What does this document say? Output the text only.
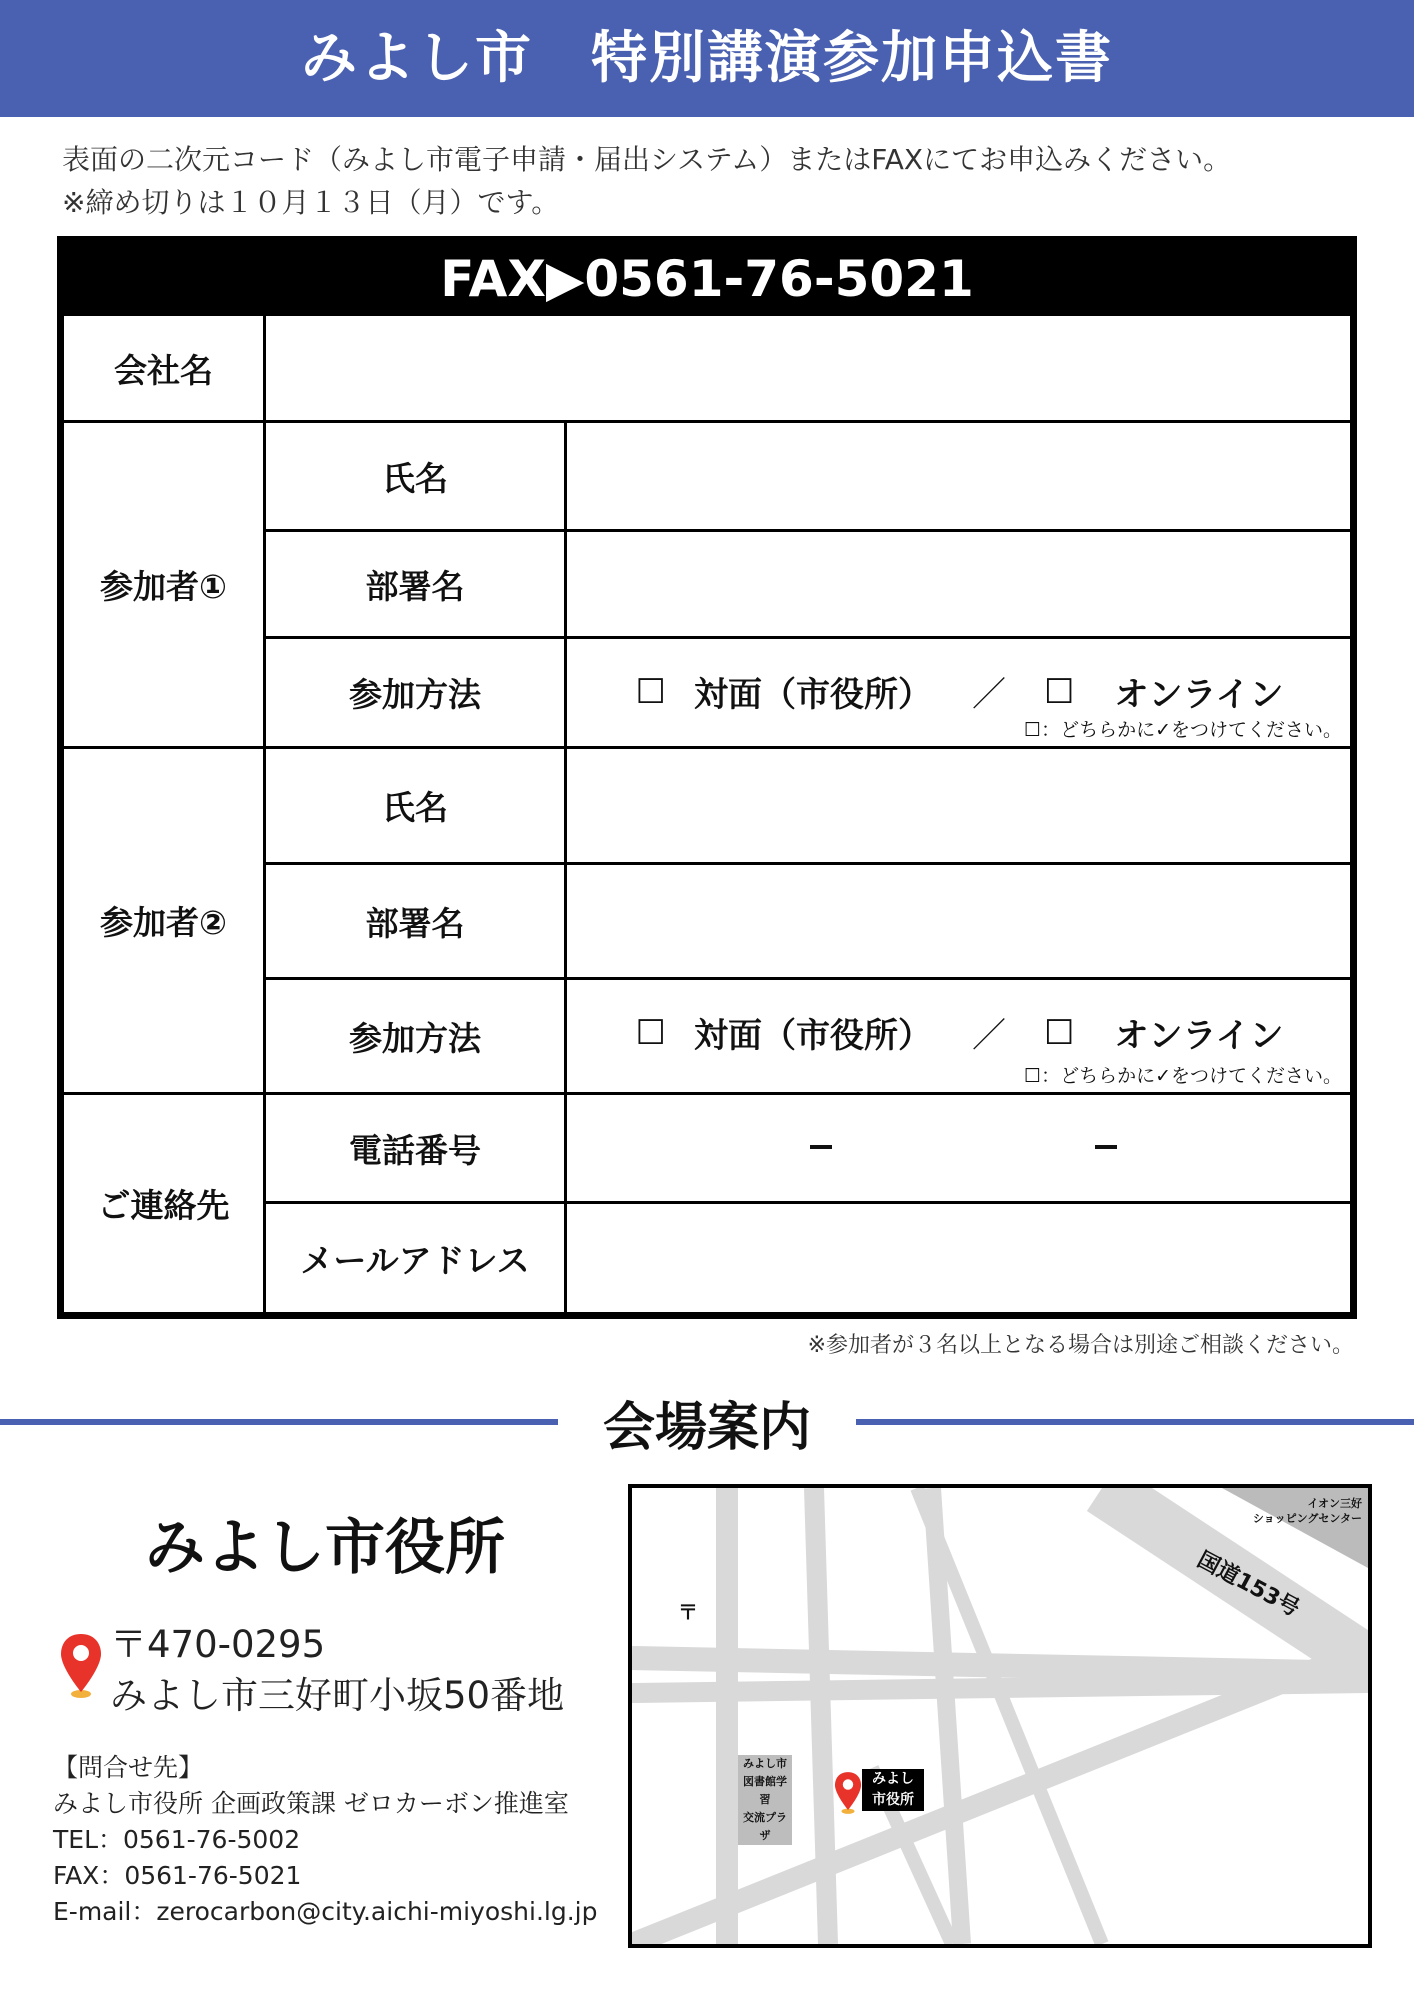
みよし市　特別講演参加申込書
表面の二次元コード（みよし市電子申請・届出システム）またはFAXにてお申込みください。
※締め切りは１０月１３日（月）です。
FAX▶0561-76-5021
会社名
参加者①
氏名
部署名
参加方法	☐ 対面（市役所） ／ ☐ オンライン
☐：どちらかに✓をつけてください。
参加者②
氏名
部署名
参加方法	☐ 対面（市役所） ／ ☐ オンライン
☐：どちらかに✓をつけてください。
ご連絡先
電話番号
メールアドレス
※参加者が３名以上となる場合は別途ご相談ください。
会場案内
みよし市役所
〒470-0295
みよし市三好町小坂50番地
【問合せ先】
みよし市役所 企画政策課 ゼロカーボン推進室
TEL：0561-76-5002
FAX：0561-76-5021
E-mail：zerocarbon@city.aichi-miyoshi.lg.jp
イオン三好
ショッピングセンター
国道153号
〒
みよし市
図書館学習
交流プラザ
みよし
市役所
